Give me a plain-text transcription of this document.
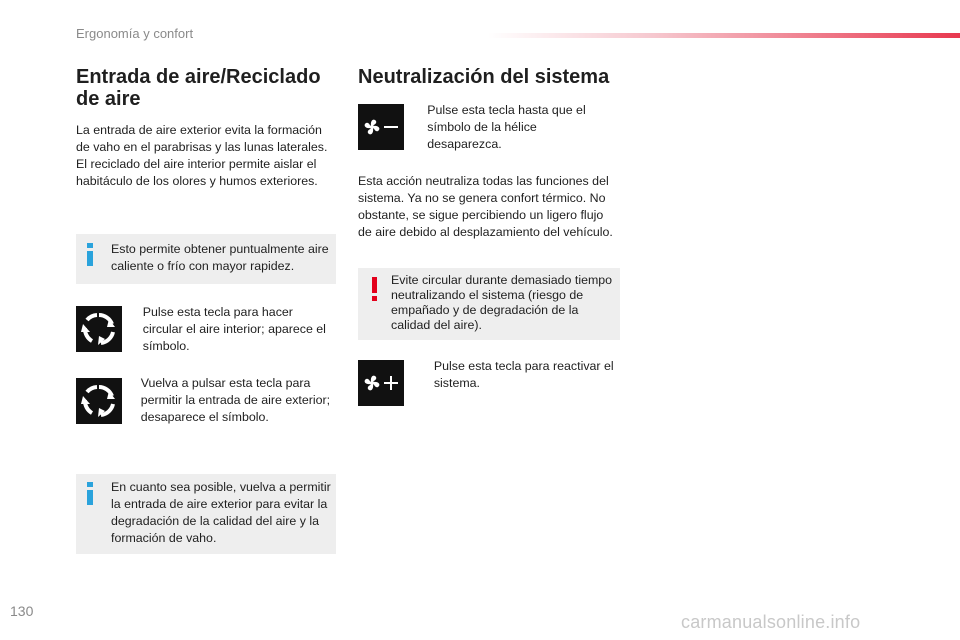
Ergonomía y confort
Entrada de aire/Reciclado de aire
La entrada de aire exterior evita la formación de vaho en el parabrisas y las lunas laterales. El reciclado del aire interior permite aislar el habitáculo de los olores y humos exteriores.
Esto permite obtener puntualmente aire caliente o frío con mayor rapidez.
Pulse esta tecla para hacer circular el aire interior; aparece el símbolo.
Vuelva a pulsar esta tecla para permitir la entrada de aire exterior; desaparece el símbolo.
En cuanto sea posible, vuelva a permitir la entrada de aire exterior para evitar la degradación de la calidad del aire y la formación de vaho.
Neutralización del sistema
Pulse esta tecla hasta que el símbolo de la hélice desaparezca.
Esta acción neutraliza todas las funciones del sistema. Ya no se genera confort térmico. No obstante, se sigue percibiendo un ligero flujo de aire debido al desplazamiento del vehículo.
Evite circular durante demasiado tiempo neutralizando el sistema (riesgo de empañado y de degradación de la calidad del aire).
Pulse esta tecla para reactivar el sistema.
130
carmanualsonline.info
